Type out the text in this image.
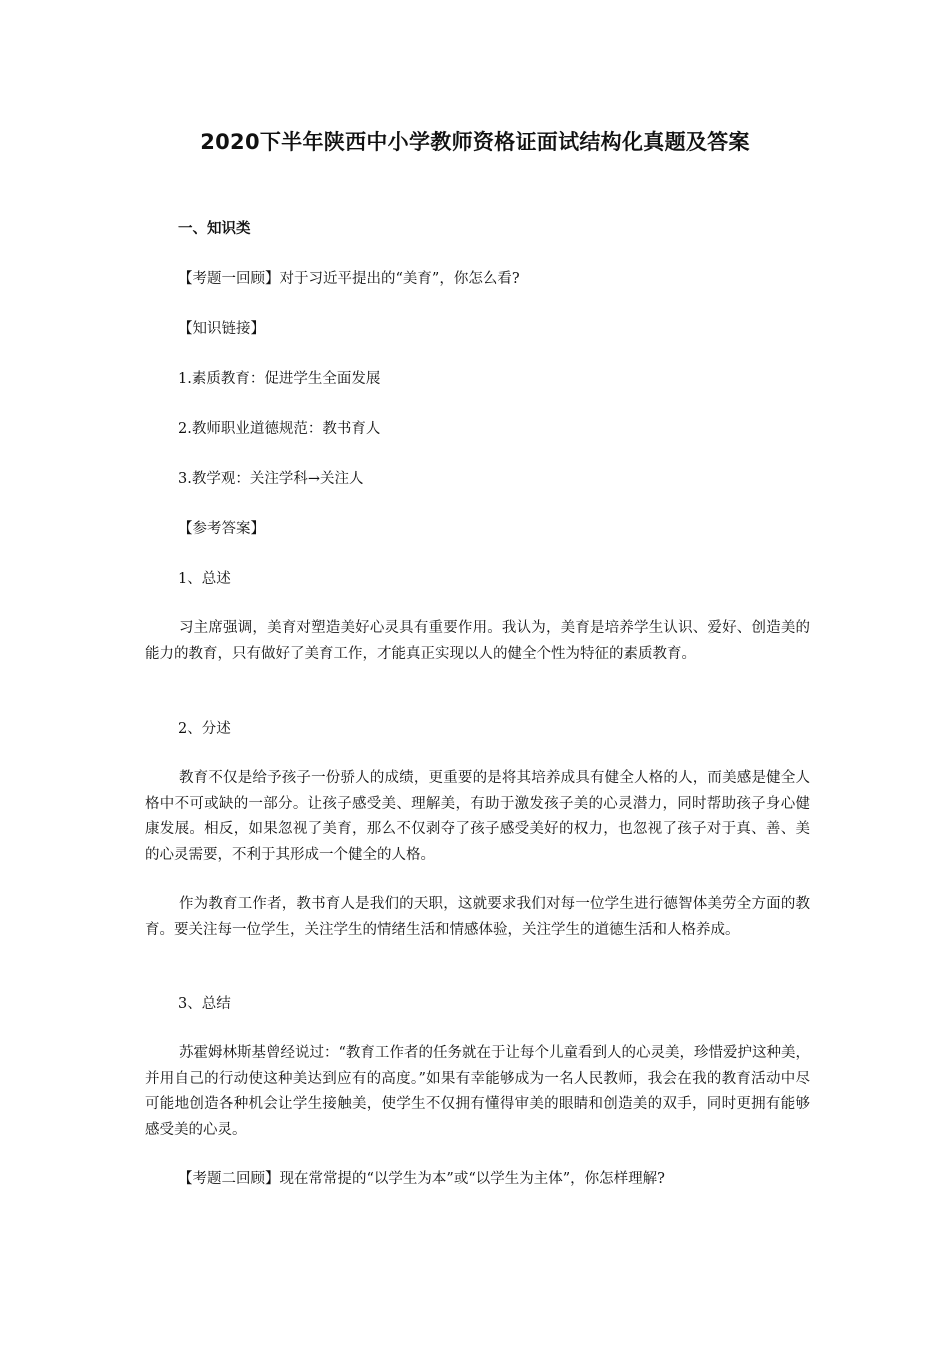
2020下半年陕西中小学教师资格证面试结构化真题及答案

一、知识类

【考题一回顾】对于习近平提出的“美育”，你怎么看?

【知识链接】

1.素质教育：促进学生全面发展

2.教师职业道德规范：教书育人

3.教学观：关注学科→关注人

【参考答案】

1、总述

习主席强调，美育对塑造美好心灵具有重要作用。我认为，美育是培养学生认识、爱好、创造美的能力的教育，只有做好了美育工作，才能真正实现以人的健全个性为特征的素质教育。

2、分述

教育不仅是给予孩子一份骄人的成绩，更重要的是将其培养成具有健全人格的人，而美感是健全人格中不可或缺的一部分。让孩子感受美、理解美，有助于激发孩子美的心灵潜力，同时帮助孩子身心健康发展。相反，如果忽视了美育，那么不仅剥夺了孩子感受美好的权力，也忽视了孩子对于真、善、美的心灵需要，不利于其形成一个健全的人格。

作为教育工作者，教书育人是我们的天职，这就要求我们对每一位学生进行德智体美劳全方面的教育。要关注每一位学生，关注学生的情绪生活和情感体验，关注学生的道德生活和人格养成。

3、总结

苏霍姆林斯基曾经说过：“教育工作者的任务就在于让每个儿童看到人的心灵美，珍惜爱护这种美，并用自己的行动使这种美达到应有的高度。”如果有幸能够成为一名人民教师，我会在我的教育活动中尽可能地创造各种机会让学生接触美，使学生不仅拥有懂得审美的眼睛和创造美的双手，同时更拥有能够感受美的心灵。

【考题二回顾】现在常常提的“以学生为本”或“以学生为主体”，你怎样理解?
